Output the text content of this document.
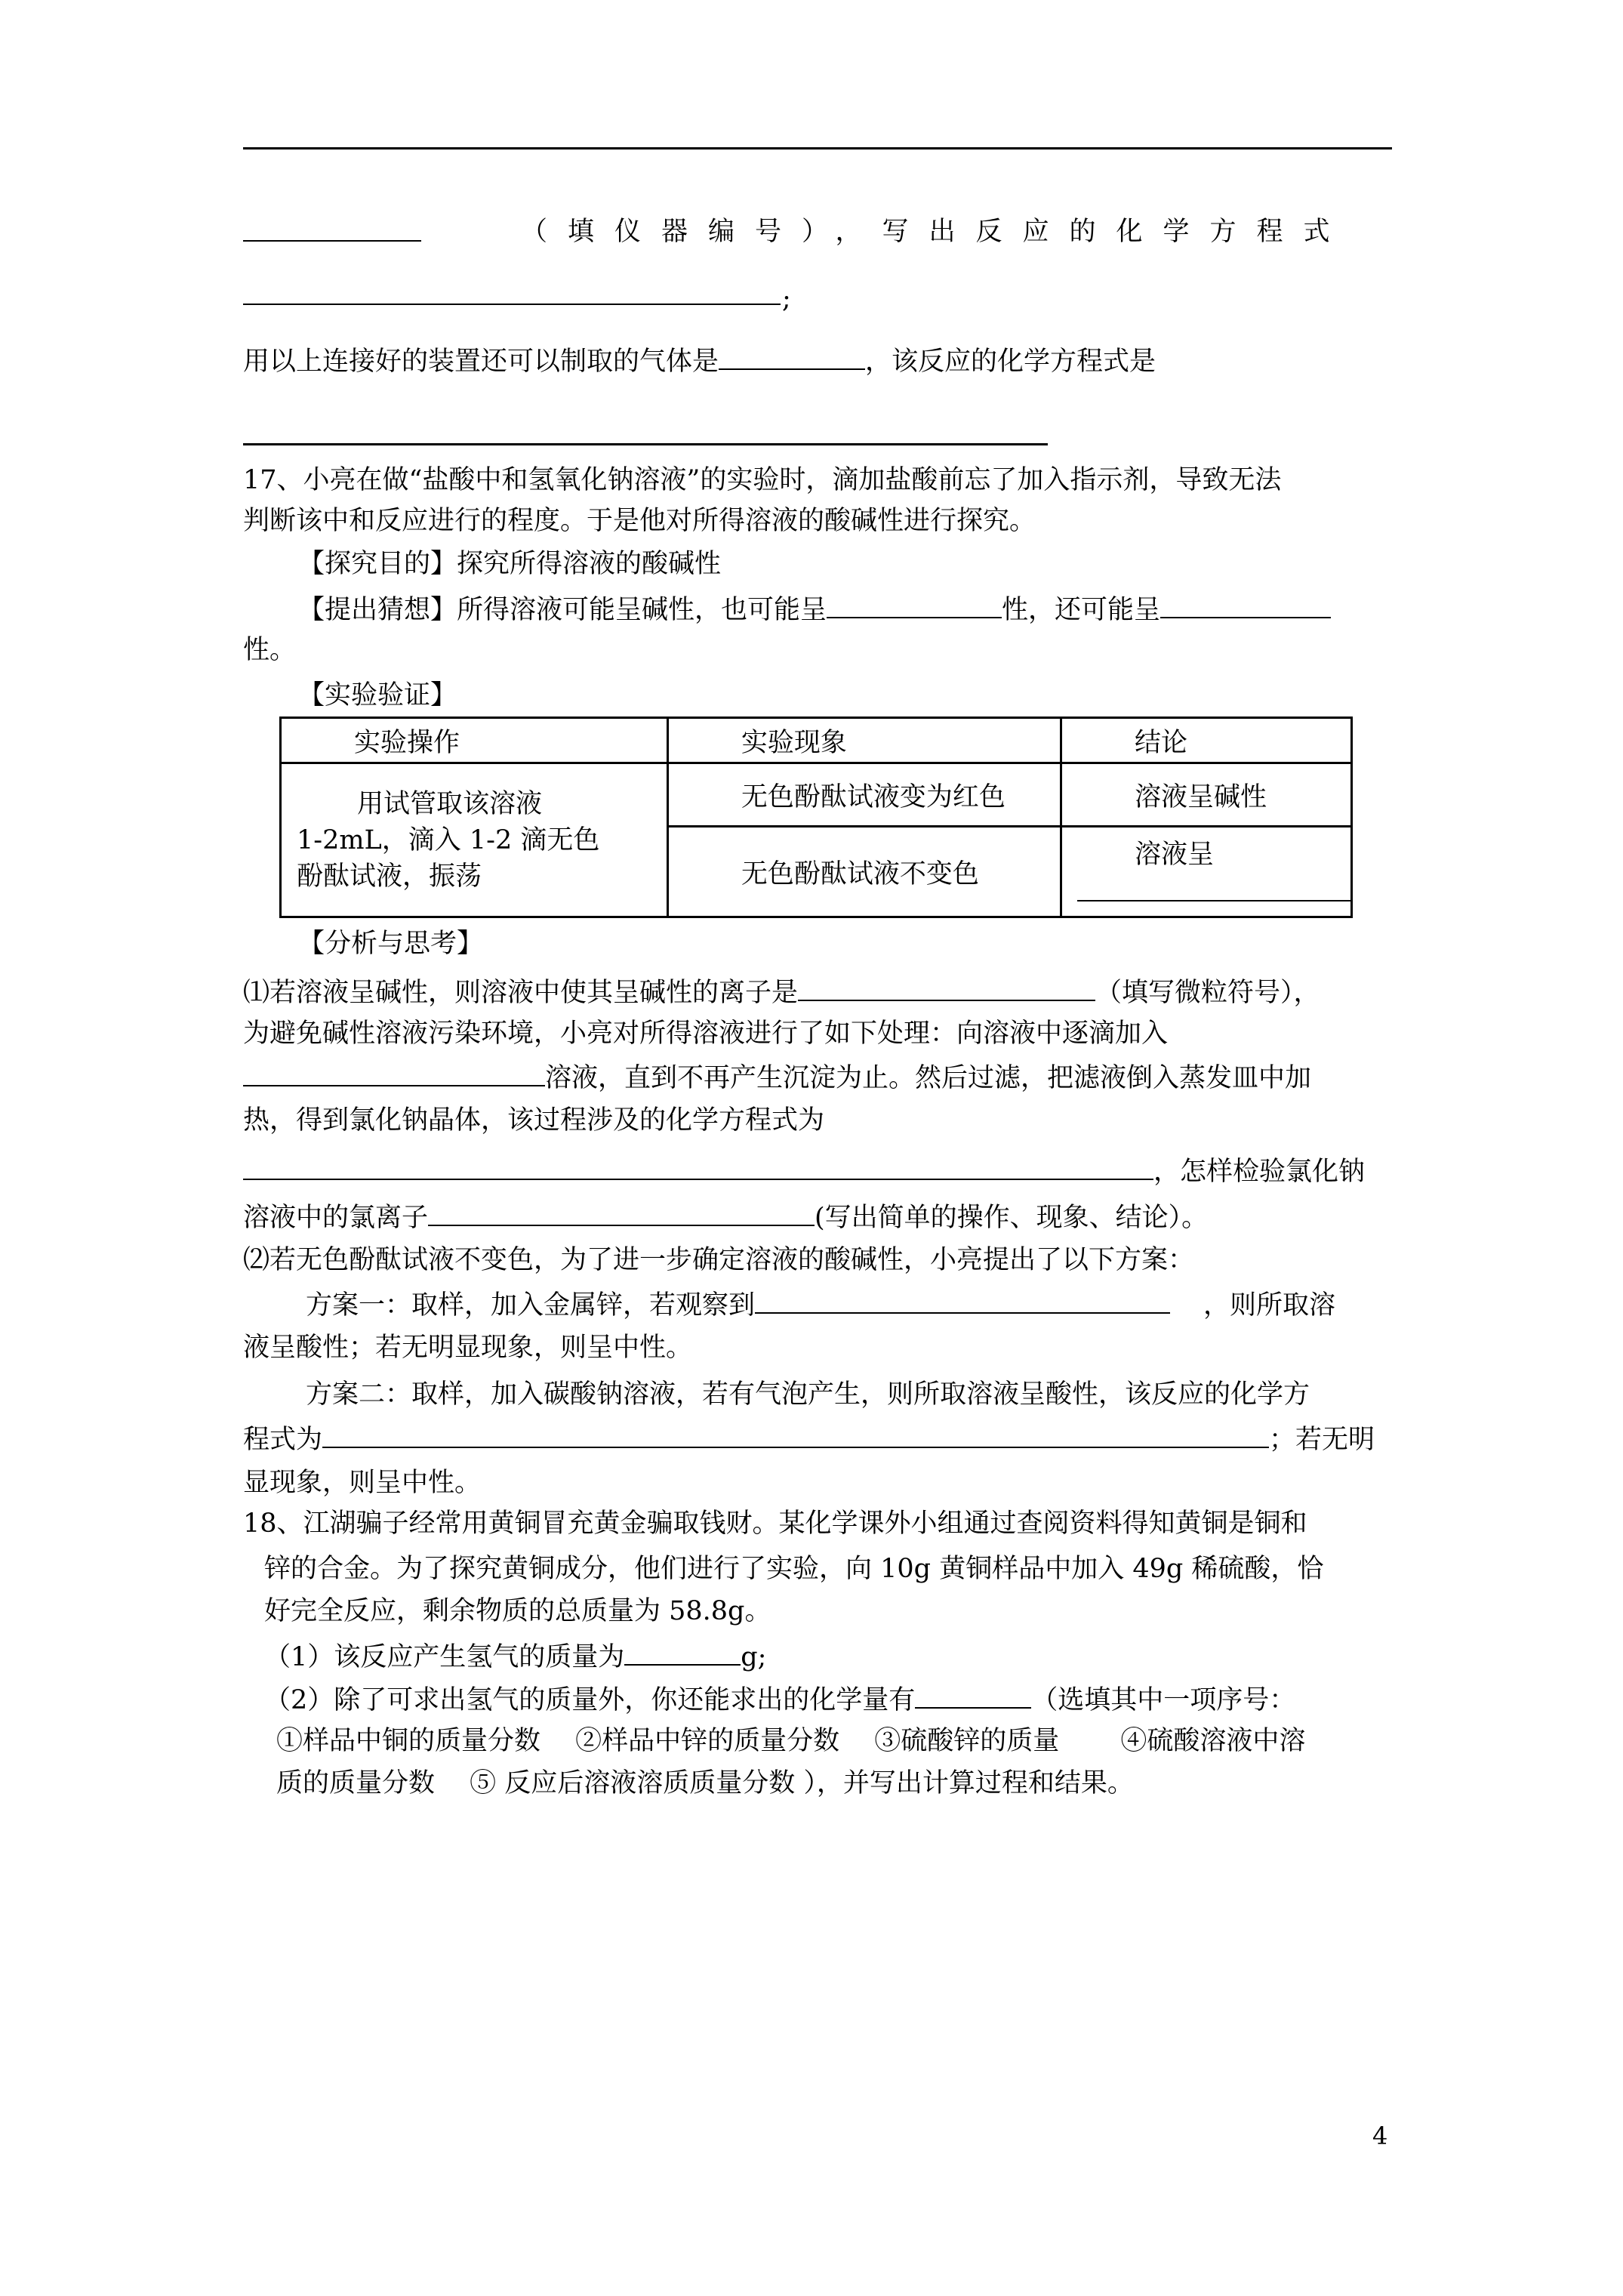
（填仪器编号），写出反应的化学方程式
;
用以上连接好的装置还可以制取的气体是	，该反应的化学方程式是
17、小亮在做“盐酸中和氢氧化钠溶液”的实验时，滴加盐酸前忘了加入指示剂，导致无法
判断该中和反应进行的程度。于是他对所得溶液的酸碱性进行探究。
【探究目的】探究所得溶液的酸碱性
【提出猜想】所得溶液可能呈碱性，也可能呈	性，还可能呈
性。
【实验验证】
实验操作	实验现象	结论

用试管取该溶液
1-2mL，滴入 1-2 滴无色
酚酞试液，振荡	无色酚酞试液变为红色	溶液呈碱性
	无色酚酞试液不变色	溶液呈
【分析与思考】
⑴若溶液呈碱性，则溶液中使其呈碱性的离子是	（填写微粒符号），
为避免碱性溶液污染环境，小亮对所得溶液进行了如下处理：向溶液中逐滴加入
溶液，直到不再产生沉淀为止。然后过滤，把滤液倒入蒸发皿中加
热，得到氯化钠晶体，该过程涉及的化学方程式为
，怎样检验氯化钠
溶液中的氯离子	(写出简单的操作、现象、结论）。
⑵若无色酚酞试液不变色，为了进一步确定溶液的酸碱性，小亮提出了以下方案：
方案一：取样，加入金属锌，若观察到	，则所取溶
液呈酸性；若无明显现象，则呈中性。
方案二：取样，加入碳酸钠溶液，若有气泡产生，则所取溶液呈酸性，该反应的化学方
程式为	；若无明
显现象，则呈中性。
18、江湖骗子经常用黄铜冒充黄金骗取钱财。某化学课外小组通过查阅资料得知黄铜是铜和
锌的合金。为了探究黄铜成分，他们进行了实验，向 10g 黄铜样品中加入 49g 稀硫酸，恰
好完全反应，剩余物质的总质量为 58.8g。
（1）该反应产生氢气的质量为	g;
（2）除了可求出氢气的质量外，你还能求出的化学量有	（选填其中一项序号：
①样品中铜的质量分数　 ②样品中锌的质量分数　 ③硫酸锌的质量　　 ④硫酸溶液中溶
质的质量分数　 ⑤ 反应后溶液溶质质量分数 ），并写出计算过程和结果。
4
